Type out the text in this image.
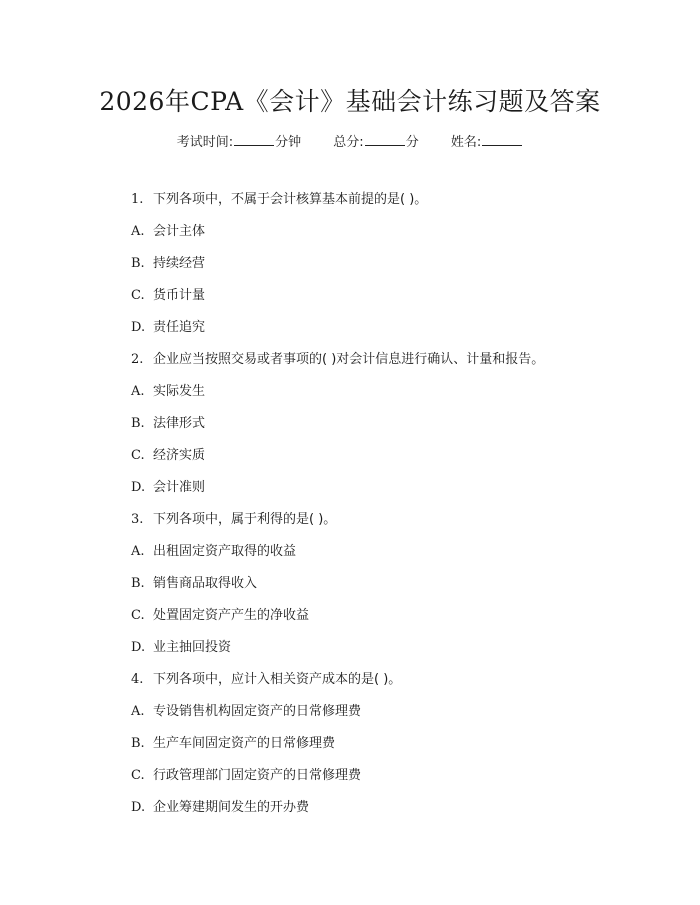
2026年CPA《会计》基础会计练习题及答案
考试时间:	分钟 总分:	分 姓名:
1. 下列各项中，不属于会计核算基本前提的是( )。
A. 会计主体
B. 持续经营
C. 货币计量
D. 责任追究
2. 企业应当按照交易或者事项的( )对会计信息进行确认、计量和报告。
A. 实际发生
B. 法律形式
C. 经济实质
D. 会计准则
3. 下列各项中，属于利得的是( )。
A. 出租固定资产取得的收益
B. 销售商品取得收入
C. 处置固定资产产生的净收益
D. 业主抽回投资
4. 下列各项中，应计入相关资产成本的是( )。
A. 专设销售机构固定资产的日常修理费
B. 生产车间固定资产的日常修理费
C. 行政管理部门固定资产的日常修理费
D. 企业筹建期间发生的开办费
